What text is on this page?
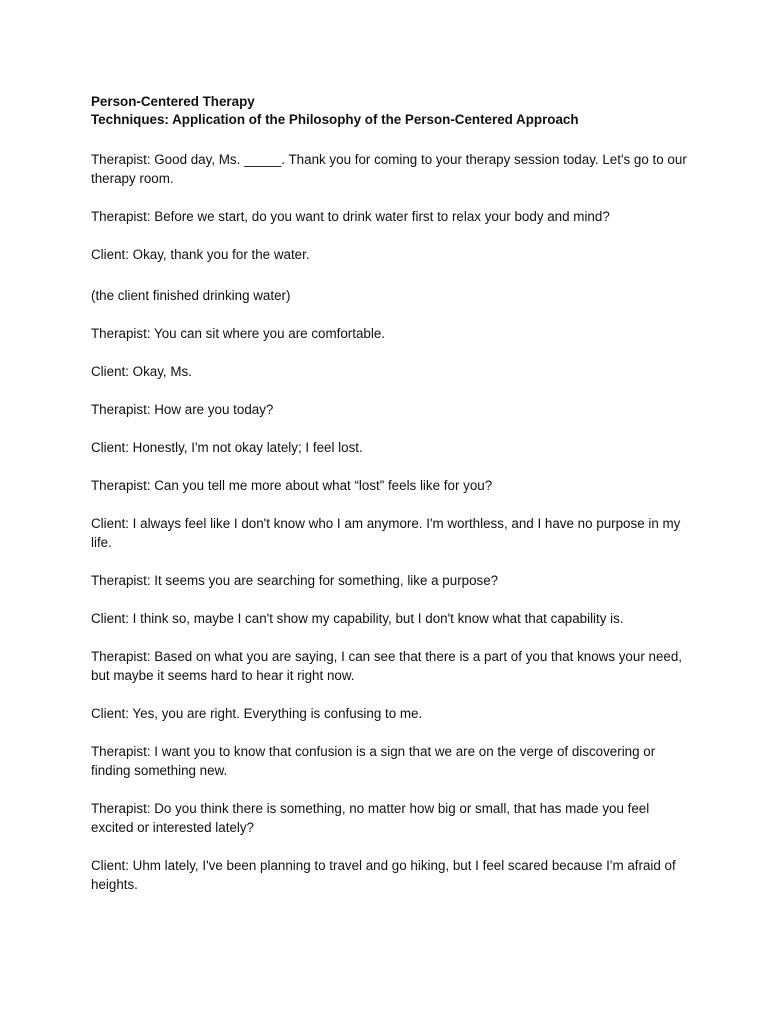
Person-Centered Therapy
Techniques: Application of the Philosophy of the Person-Centered Approach

Therapist: Good day, Ms. _____. Thank you for coming to your therapy session today. Let's go to our therapy room.

Therapist: Before we start, do you want to drink water first to relax your body and mind?

Client: Okay, thank you for the water.

(the client finished drinking water)

Therapist: You can sit where you are comfortable.

Client: Okay, Ms.

Therapist: How are you today?

Client: Honestly, I'm not okay lately; I feel lost.

Therapist: Can you tell me more about what “lost” feels like for you?

Client: I always feel like I don't know who I am anymore. I'm worthless, and I have no purpose in my life.

Therapist: It seems you are searching for something, like a purpose?

Client: I think so, maybe I can't show my capability, but I don't know what that capability is.

Therapist: Based on what you are saying, I can see that there is a part of you that knows your need, but maybe it seems hard to hear it right now.

Client: Yes, you are right. Everything is confusing to me.

Therapist: I want you to know that confusion is a sign that we are on the verge of discovering or finding something new.

Therapist: Do you think there is something, no matter how big or small, that has made you feel excited or interested lately?

Client: Uhm lately, I've been planning to travel and go hiking, but I feel scared because I'm afraid of heights.
